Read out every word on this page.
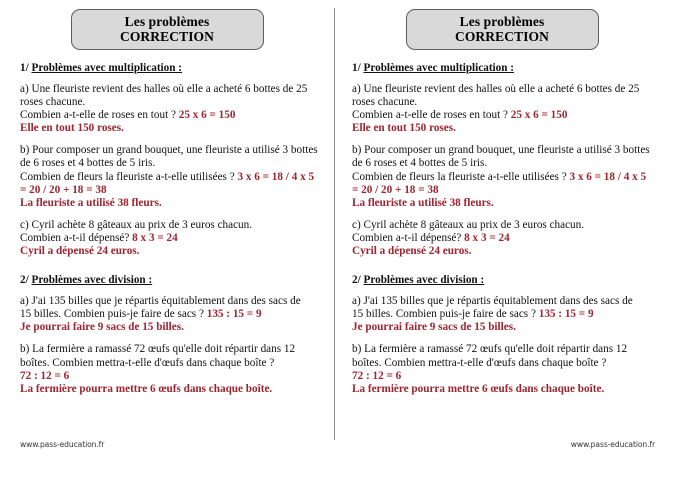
Les problèmes
CORRECTION
1/ Problèmes avec multiplication :
a) Une fleuriste revient des halles où elle a acheté 6 bottes de 25
roses chacune.
Combien a-t-elle de roses en tout ? 25 x 6 = 150
Elle en tout 150 roses.
b) Pour composer un grand bouquet, une fleuriste a utilisé 3 bottes
de 6 roses et 4 bottes de 5 iris.
Combien de fleurs la fleuriste a-t-elle utilisées ? 3 x 6 = 18 / 4 x 5
= 20 / 20 + 18 = 38
La fleuriste a utilisé 38 fleurs.
c) Cyril achète 8 gâteaux au prix de 3 euros chacun.
Combien a-t-il dépensé? 8 x 3 = 24
Cyril a dépensé 24 euros.
2/ Problèmes avec division :
a) J'ai 135 billes que je répartis équitablement dans des sacs de
15 billes. Combien puis-je faire de sacs ? 135 : 15 = 9
Je pourrai faire 9 sacs de 15 billes.
b) La fermière a ramassé 72 œufs qu'elle doit répartir dans 12
boîtes. Combien mettra-t-elle d'œufs dans chaque boîte ?
72 : 12 = 6
La fermière pourra mettre 6 œufs dans chaque boîte.
www.pass-education.fr
Les problèmes
CORRECTION
1/ Problèmes avec multiplication :
a) Une fleuriste revient des halles où elle a acheté 6 bottes de 25
roses chacune.
Combien a-t-elle de roses en tout ? 25 x 6 = 150
Elle en tout 150 roses.
b) Pour composer un grand bouquet, une fleuriste a utilisé 3 bottes
de 6 roses et 4 bottes de 5 iris.
Combien de fleurs la fleuriste a-t-elle utilisées ? 3 x 6 = 18 / 4 x 5
= 20 / 20 + 18 = 38
La fleuriste a utilisé 38 fleurs.
c) Cyril achète 8 gâteaux au prix de 3 euros chacun.
Combien a-t-il dépensé? 8 x 3 = 24
Cyril a dépensé 24 euros.
2/ Problèmes avec division :
a) J'ai 135 billes que je répartis équitablement dans des sacs de
15 billes. Combien puis-je faire de sacs ? 135 : 15 = 9
Je pourrai faire 9 sacs de 15 billes.
b) La fermière a ramassé 72 œufs qu'elle doit répartir dans 12
boîtes. Combien mettra-t-elle d'œufs dans chaque boîte ?
72 : 12 = 6
La fermière pourra mettre 6 œufs dans chaque boîte.
www.pass-education.fr
